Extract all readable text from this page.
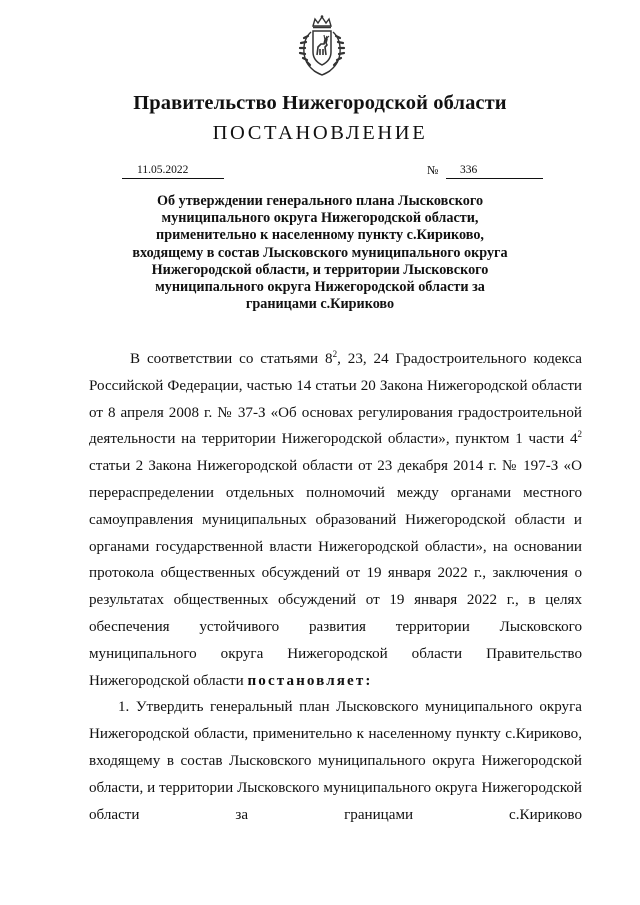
Правительство Нижегородской области
ПОСТАНОВЛЕНИЕ
11.05.2022	№	336
Об утверждении генерального плана Лысковского
муниципального округа Нижегородской области,
применительно к населенному пункту с.Кириково,
входящему в состав Лысковского муниципального округа
Нижегородской области, и территории Лысковского
муниципального округа Нижегородской области за
границами с.Кириково

В соответствии со статьями $8^2$, 23, 24 Градостроительного кодекса Российской Федерации, частью 14 статьи 20 Закона Нижегородской области от 8 апреля 2008 г. № 37-З «Об основах регулирования градостроительной деятельности на территории Нижегородской области», пунктом 1 части $4^2$ статьи 2 Закона Нижегородской области от 23 декабря 2014 г. № 197-З «О перераспределении отдельных полномочий между органами местного самоуправления муниципальных образований Нижегородской области и органами государственной власти Нижегородской области», на основании протокола общественных обсуждений от 19 января 2022 г., заключения о результатах общественных обсуждений от 19 января 2022 г., в целях обеспечения устойчивого развития территории Лысковского муниципального округа Нижегородской области Правительство Нижегородской области постановляет:

1. Утвердить генеральный план Лысковского муниципального округа Нижегородской области, применительно к населенному пункту с.Кириково, входящему в состав Лысковского муниципального округа Нижегородской области, и территории Лысковского муниципального округа Нижегородской области за границами с.Кириково
